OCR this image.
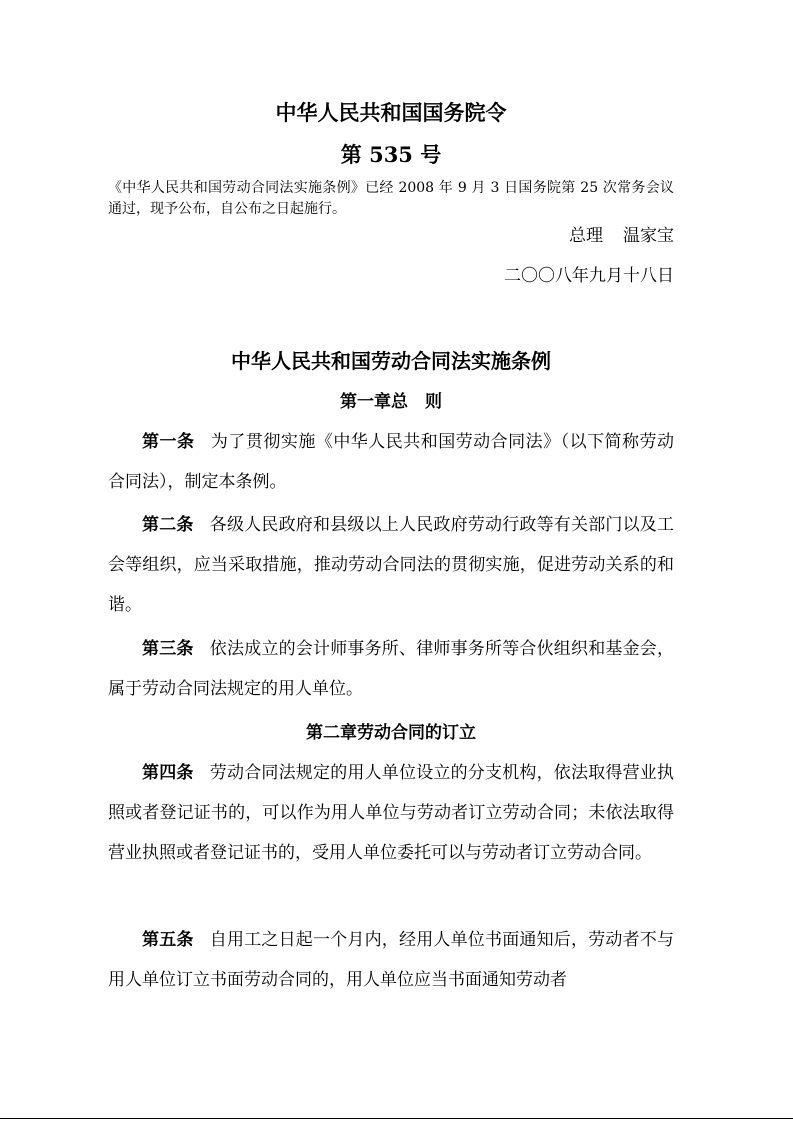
中华人民共和国国务院令
第 535 号
《中华人民共和国劳动合同法实施条例》已经 2008 年 9 月 3 日国务院第 25 次常务会议通过，现予公布，自公布之日起施行。
总理 温家宝
二〇〇八年九月十八日
中华人民共和国劳动合同法实施条例
第一章总　则
第一条 为了贯彻实施《中华人民共和国劳动合同法》（以下简称劳动合同法），制定本条例。
第二条 各级人民政府和县级以上人民政府劳动行政等有关部门以及工会等组织，应当采取措施，推动劳动合同法的贯彻实施，促进劳动关系的和谐。
第三条 依法成立的会计师事务所、律师事务所等合伙组织和基金会，属于劳动合同法规定的用人单位。
第二章劳动合同的订立
第四条 劳动合同法规定的用人单位设立的分支机构，依法取得营业执照或者登记证书的，可以作为用人单位与劳动者订立劳动合同；未依法取得营业执照或者登记证书的，受用人单位委托可以与劳动者订立劳动合同。
第五条 自用工之日起一个月内，经用人单位书面通知后，劳动者不与用人单位订立书面劳动合同的，用人单位应当书面通知劳动者
